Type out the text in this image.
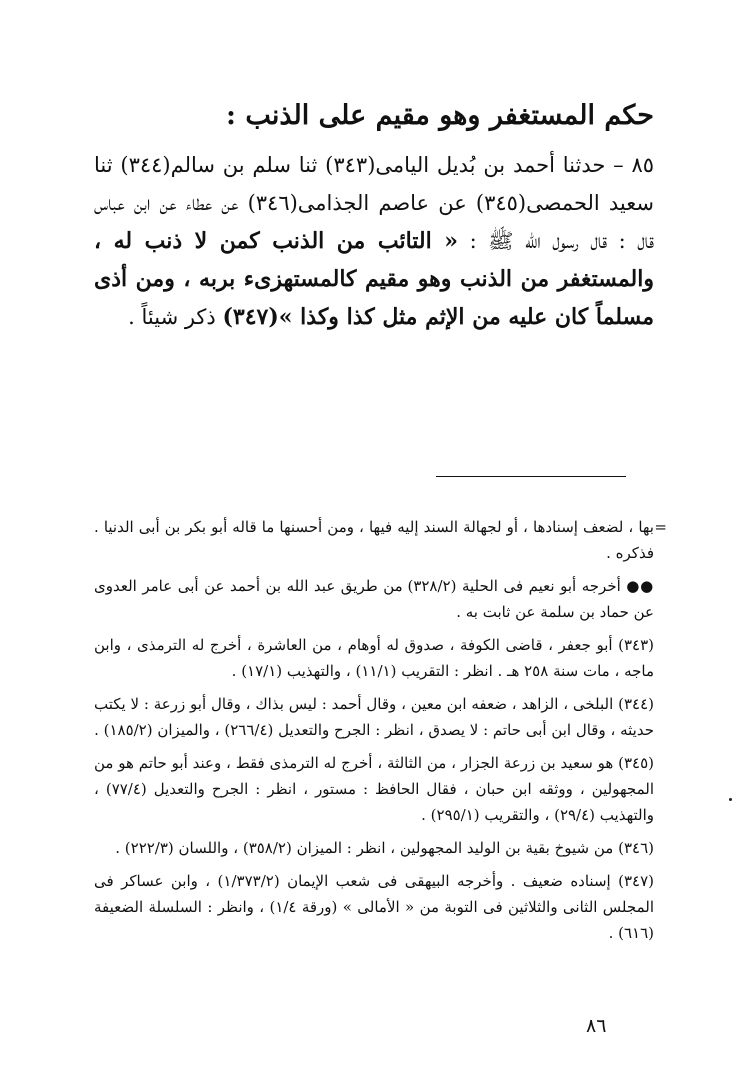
حكم المستغفر وهو مقيم على الذنب :

٨٥ – حدثنا أحمد بن بُديل اليامى(٣٤٣) ثنا سلم بن سالم(٣٤٤) ثنا سعيد الحمصى(٣٤٥) عن عاصم الجذامى(٣٤٦) عن عطاء عن ابن عباس قال : قال رسول الله ﷺ : « التائب من الذنب كمن لا ذنب له ، والمستغفر من الذنب وهو مقيم كالمستهزىء بربه ، ومن أذى مسلماً كان عليه من الإثم مثل كذا وكذا »(٣٤٧) ذكر شيئاً .

=

بها ، لضعف إسنادها ، أو لجهالة السند إليه فيها ، ومن أحسنها ما قاله أبو بكر بن أبى الدنيا . فذكره .

●● أخرجه أبو نعيم فى الحلية (٣٢٨/٢) من طريق عبد الله بن أحمد عن أبى عامر العدوى عن حماد بن سلمة عن ثابت به .

(٣٤٣) أبو جعفر ، قاضى الكوفة ، صدوق له أوهام ، من العاشرة ، أخرج له الترمذى ، وابن ماجه ، مات سنة ٢٥٨ هـ . انظر : التقريب (١١/١) ، والتهذيب (١٧/١) .

(٣٤٤) البلخى ، الزاهد ، ضعفه ابن معين ، وقال أحمد : ليس بذاك ، وقال أبو زرعة : لا يكتب حديثه ، وقال ابن أبى حاتم : لا يصدق ، انظر : الجرح والتعديل (٢٦٦/٤) ، والميزان (١٨٥/٢) .

(٣٤٥) هو سعيد بن زرعة الجزار ، من الثالثة ، أخرج له الترمذى فقط ، وعند أبو حاتم هو من المجهولين ، ووثقه ابن حبان ، فقال الحافظ : مستور ، انظر : الجرح والتعديل (٧٧/٤) ، والتهذيب (٢٩/٤) ، والتقريب (٢٩٥/١) .

(٣٤٦) من شيوخ بقية بن الوليد المجهولين ، انظر : الميزان (٣٥٨/٢) ، واللسان (٢٢٢/٣) .

(٣٤٧) إسناده ضعيف . وأخرجه البيهقى فى شعب الإيمان (١/٣٧٣/٢) ، وابن عساكر فى المجلس الثانى والثلاثين فى التوبة من « الأمالى » (ورقة ١/٤) ، وانظر : السلسلة الضعيفة (٦١٦) .

٨٦
